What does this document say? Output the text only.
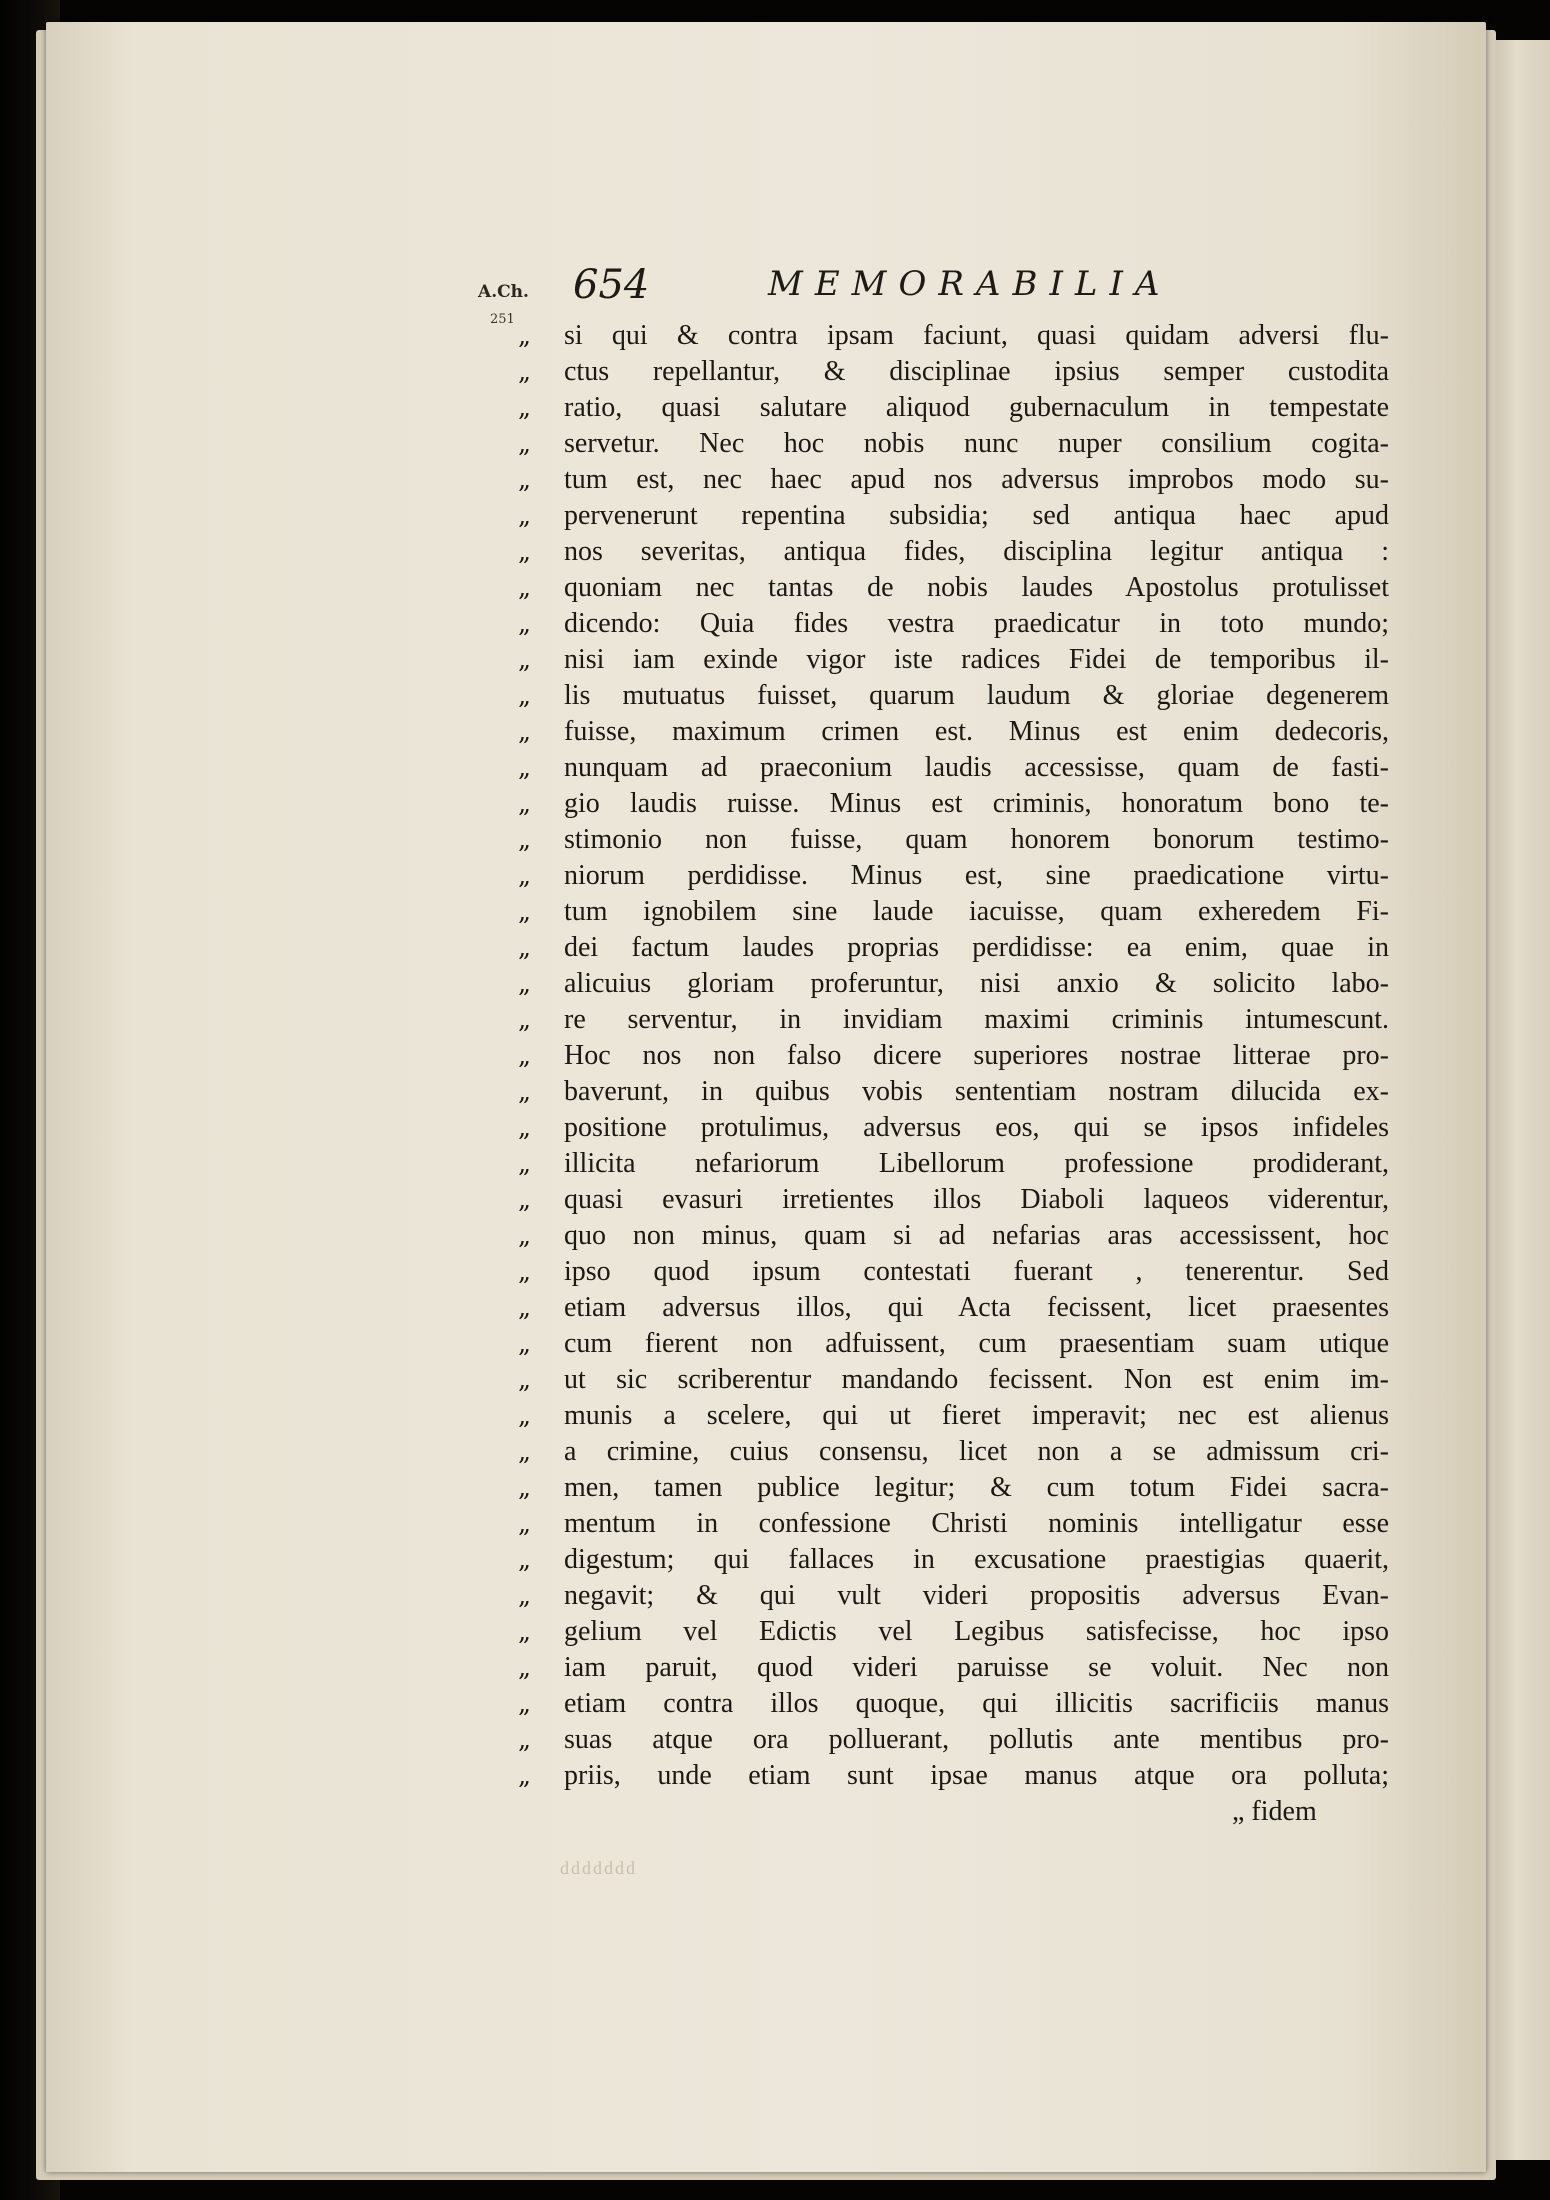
A.Ch. 654	MEMORABILIA
251
„	si qui & contra ipsam faciunt, quasi quidam adversi flu-
„	ctus repellantur, & disciplinae ipsius semper custodita
„	ratio, quasi salutare aliquod gubernaculum in tempestate
„	servetur. Nec hoc nobis nunc nuper consilium cogita-
„	tum est, nec haec apud nos adversus improbos modo su-
„	pervenerunt repentina subsidia; sed antiqua haec apud
„	nos severitas, antiqua fides, disciplina legitur antiqua :
„	quoniam nec tantas de nobis laudes Apostolus protulisset
„	dicendo: Quia fides vestra praedicatur in toto mundo;
„	nisi iam exinde vigor iste radices Fidei de temporibus il-
„	lis mutuatus fuisset, quarum laudum & gloriae degenerem
„	fuisse, maximum crimen est. Minus est enim dedecoris,
„	nunquam ad praeconium laudis accessisse, quam de fasti-
„	gio laudis ruisse. Minus est criminis, honoratum bono te-
„	stimonio non fuisse, quam honorem bonorum testimo-
„	niorum perdidisse. Minus est, sine praedicatione virtu-
„	tum ignobilem sine laude iacuisse, quam exheredem Fi-
„	dei factum laudes proprias perdidisse: ea enim, quae in
„	alicuius gloriam proferuntur, nisi anxio & solicito labo-
„	re serventur, in invidiam maximi criminis intumescunt.
„	Hoc nos non falso dicere superiores nostrae litterae pro-
„	baverunt, in quibus vobis sententiam nostram dilucida ex-
„	positione protulimus, adversus eos, qui se ipsos infideles
„	illicita nefariorum Libellorum professione prodiderant,
„	quasi evasuri irretientes illos Diaboli laqueos viderentur,
„	quo non minus, quam si ad nefarias aras accessissent, hoc
„	ipso quod ipsum contestati fuerant , tenerentur. Sed
„	etiam adversus illos, qui Acta fecissent, licet praesentes
„	cum fierent non adfuissent, cum praesentiam suam utique
„	ut sic scriberentur mandando fecissent. Non est enim im-
„	munis a scelere, qui ut fieret imperavit; nec est alienus
„	a crimine, cuius consensu, licet non a se admissum cri-
„	men, tamen publice legitur; & cum totum Fidei sacra-
„	mentum in confessione Christi nominis intelligatur esse
„	digestum; qui fallaces in excusatione praestigias quaerit,
„	negavit; & qui vult videri propositis adversus Evan-
„	gelium vel Edictis vel Legibus satisfecisse, hoc ipso
„	iam paruit, quod videri paruisse se voluit. Nec non
„	etiam contra illos quoque, qui illicitis sacrificiis manus
„	suas atque ora polluerant, pollutis ante mentibus pro-
„	priis, unde etiam sunt ipsae manus atque ora polluta;
„ fidem
ddddddd
